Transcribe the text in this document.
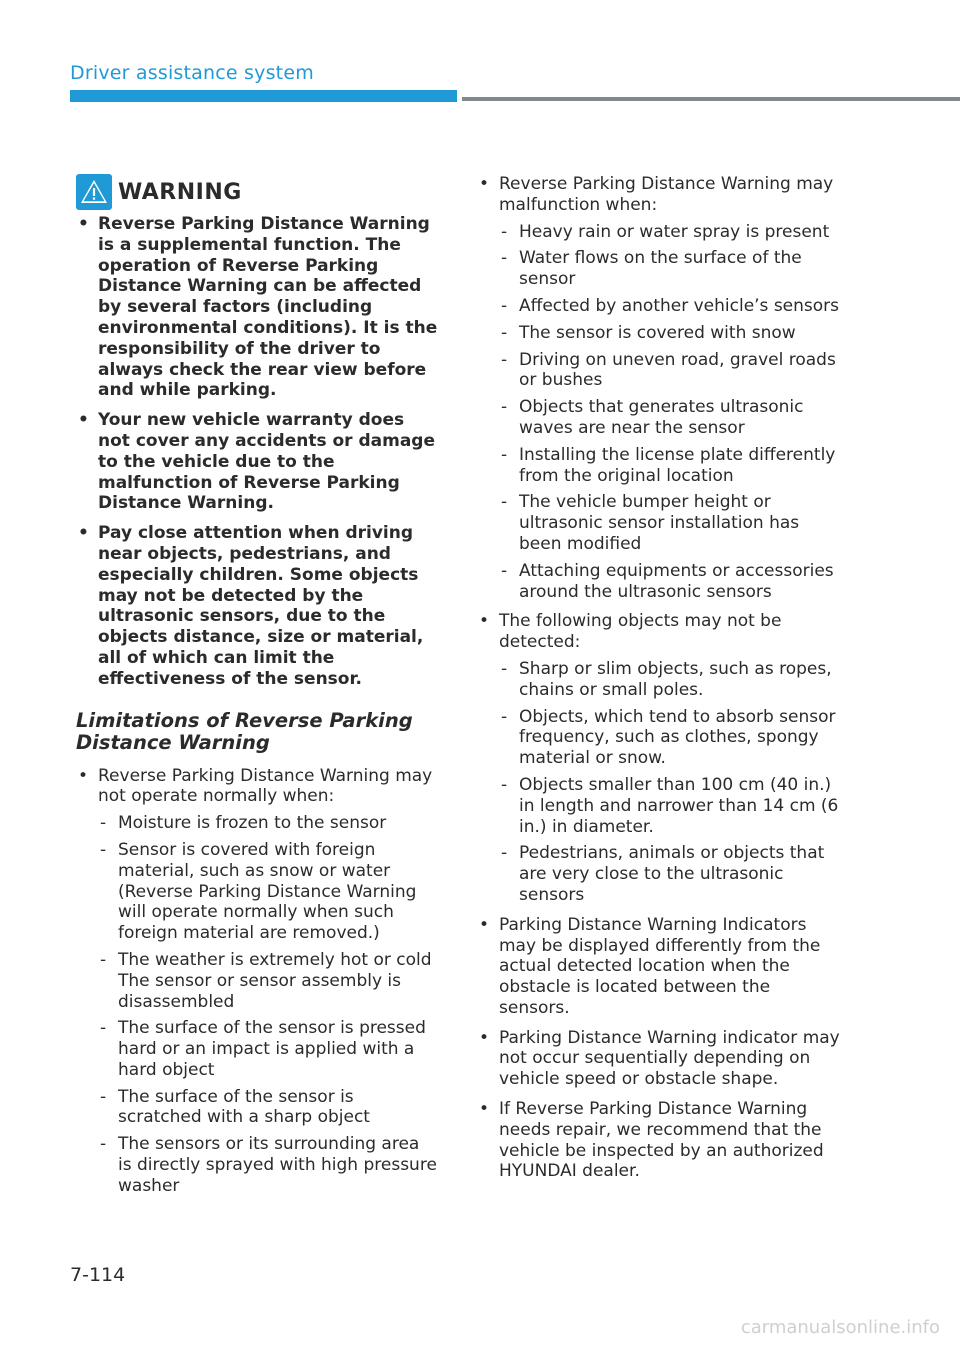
Driver assistance system
WARNING
• Reverse Parking Distance Warning is a supplemental function. The operation of Reverse Parking Distance Warning can be affected by several factors (including environmental conditions). It is the responsibility of the driver to always check the rear view before and while parking.
• Your new vehicle warranty does not cover any accidents or damage to the vehicle due to the malfunction of Reverse Parking Distance Warning.
• Pay close attention when driving near objects, pedestrians, and especially children. Some objects may not be detected by the ultrasonic sensors, due to the objects distance, size or material, all of which can limit the effectiveness of the sensor.
Limitations of Reverse Parking Distance Warning
• Reverse Parking Distance Warning may not operate normally when:
- Moisture is frozen to the sensor
- Sensor is covered with foreign material, such as snow or water (Reverse Parking Distance Warning will operate normally when such foreign material are removed.)
- The weather is extremely hot or cold The sensor or sensor assembly is disassembled
- The surface of the sensor is pressed hard or an impact is applied with a hard object
- The surface of the sensor is scratched with a sharp object
- The sensors or its surrounding area is directly sprayed with high pressure washer
• Reverse Parking Distance Warning may malfunction when:
- Heavy rain or water spray is present
- Water flows on the surface of the sensor
- Affected by another vehicle’s sensors
- The sensor is covered with snow
- Driving on uneven road, gravel roads or bushes
- Objects that generates ultrasonic waves are near the sensor
- Installing the license plate differently from the original location
- The vehicle bumper height or ultrasonic sensor installation has been modified
- Attaching equipments or accessories around the ultrasonic sensors
• The following objects may not be detected:
- Sharp or slim objects, such as ropes, chains or small poles.
- Objects, which tend to absorb sensor frequency, such as clothes, spongy material or snow.
- Objects smaller than 100 cm (40 in.) in length and narrower than 14 cm (6 in.) in diameter.
- Pedestrians, animals or objects that are very close to the ultrasonic sensors
• Parking Distance Warning Indicators may be displayed differently from the actual detected location when the obstacle is located between the sensors.
• Parking Distance Warning indicator may not occur sequentially depending on vehicle speed or obstacle shape.
• If Reverse Parking Distance Warning needs repair, we recommend that the vehicle be inspected by an authorized HYUNDAI dealer.
7-114
carmanualsonline.info
